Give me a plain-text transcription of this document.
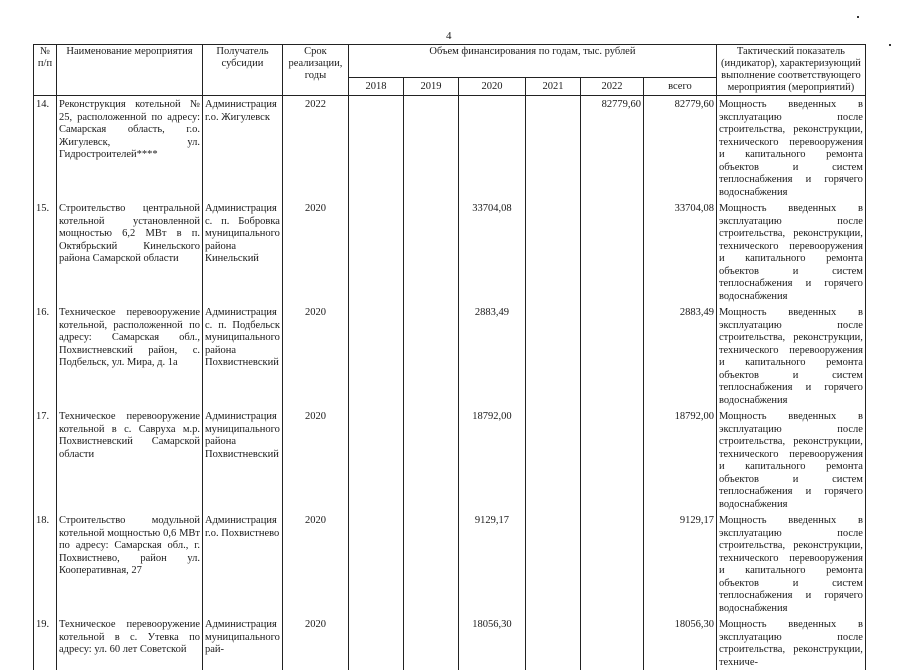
4
№ п/п	Наименование мероприятия	Получатель субсидии	Срок реализации, годы	Объем финансирования по годам, тыс. рублей						Тактический показатель (индикатор), характеризующий выполнение соответствующего мероприятия (мероприятий)
				2018	2019	2020	2021	2022	всего	
14.	Реконструкция котельной № 25, расположенной по адресу: Самарская область, г.о. Жигулевск, ул. Гидростроителей****	Администрация г.о. Жигулевск	2022					82779,60	82779,60	Мощность введенных в эксплуатацию после строительства, реконструкции, технического перевооружения и капитального ремонта объектов и систем теплоснабжения и горячего водоснабжения
15.	Строительство центральной котельной установленной мощностью 6,2 МВт в п. Октябрьский Кинельского района Самарской области	Администрация с. п. Бобровка муниципального района Кинельский	2020			33704,08			33704,08	Мощность введенных в эксплуатацию после строительства, реконструкции, технического перевооружения и капитального ремонта объектов и систем теплоснабжения и горячего водоснабжения
16.	Техническое перевооружение котельной, расположенной по адресу: Самарская обл., Похвистневский район, с. Подбельск, ул. Мира, д. 1а	Администрация с. п. Подбельск муниципального района Похвистневский	2020			2883,49			2883,49	Мощность введенных в эксплуатацию после строительства, реконструкции, технического перевооружения и капитального ремонта объектов и систем теплоснабжения и горячего водоснабжения
17.	Техническое перевооружение котельной в с. Савруха м.р. Похвистневский Самарской области	Администрация муниципального района Похвистневский	2020			18792,00			18792,00	Мощность введенных в эксплуатацию после строительства, реконструкции, технического перевооружения и капитального ремонта объектов и систем теплоснабжения и горячего водоснабжения
18.	Строительство модульной котельной мощностью 0,6 МВт по адресу: Самарская обл., г. Похвистнево, район ул. Кооперативная, 27	Администрация г.о. Похвистнево	2020			9129,17			9129,17	Мощность введенных в эксплуатацию после строительства, реконструкции, технического перевооружения и капитального ремонта объектов и систем теплоснабжения и горячего водоснабжения
19.	Техническое перевооружение котельной в с. Утевка по адресу: ул. 60 лет Советской	Администрация муниципального рай-	2020			18056,30			18056,30	Мощность введенных в эксплуатацию после строительства, реконструкции, техниче-
